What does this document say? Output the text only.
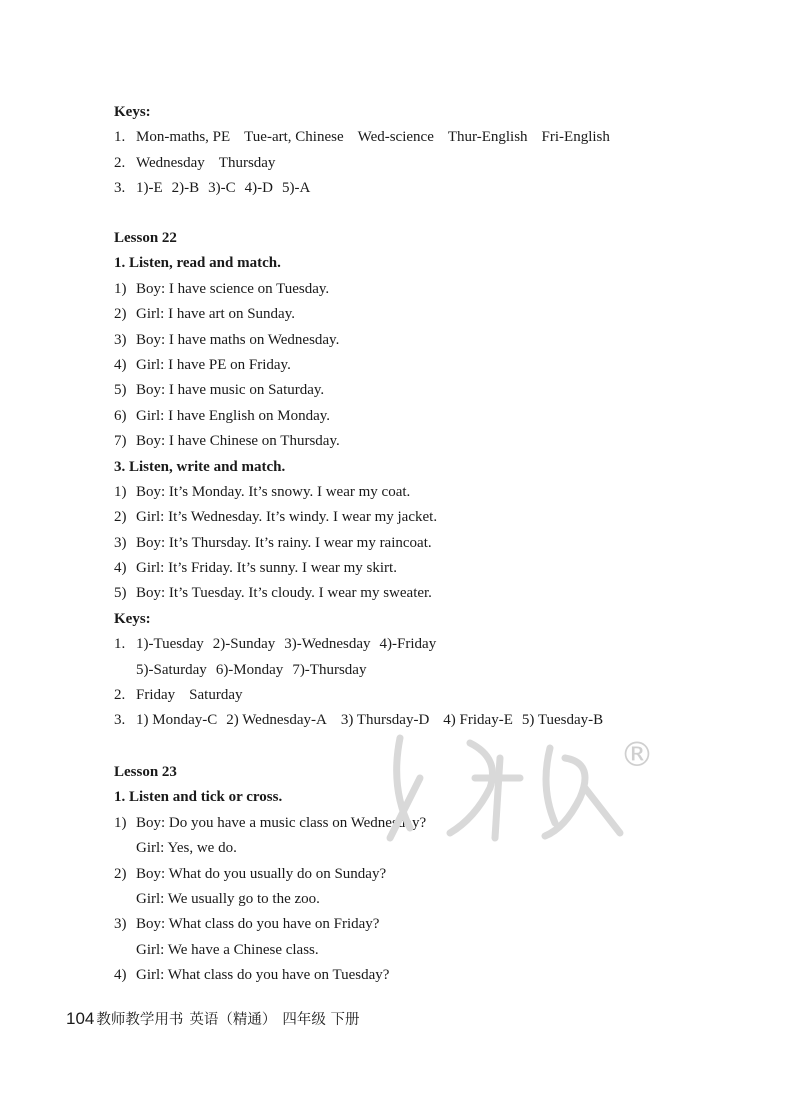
Keys:
1. Mon-maths, PE Tue-art, Chinese Wed-science Thur-English Fri-English
2. Wednesday Thursday
3. 1)-E 2)-B 3)-C 4)-D 5)-A
Lesson 22
1. Listen, read and match.
1) Boy: I have science on Tuesday.
2) Girl: I have art on Sunday.
3) Boy: I have maths on Wednesday.
4) Girl: I have PE on Friday.
5) Boy: I have music on Saturday.
6) Girl: I have English on Monday.
7) Boy: I have Chinese on Thursday.
3. Listen, write and match.
1) Boy: It’s Monday. It’s snowy. I wear my coat.
2) Girl: It’s Wednesday. It’s windy. I wear my jacket.
3) Boy: It’s Thursday. It’s rainy. I wear my raincoat.
4) Girl: It’s Friday. It’s sunny. I wear my skirt.
5) Boy: It’s Tuesday. It’s cloudy. I wear my sweater.
Keys:
1. 1)-Tuesday 2)-Sunday 3)-Wednesday 4)-Friday
5)-Saturday 6)-Monday 7)-Thursday
2. Friday Saturday
3. 1) Monday-C 2) Wednesday-A 3) Thursday-D 4) Friday-E 5) Tuesday-B
Lesson 23
1. Listen and tick or cross.
1) Boy: Do you have a music class on Wednesday?
Girl: Yes, we do.
2) Boy: What do you usually do on Sunday?
Girl: We usually go to the zoo.
3) Boy: What class do you have on Friday?
Girl: We have a Chinese class.
4) Girl: What class do you have on Tuesday?
®
104 教师教学用书 英语（精通） 四年级 下册
